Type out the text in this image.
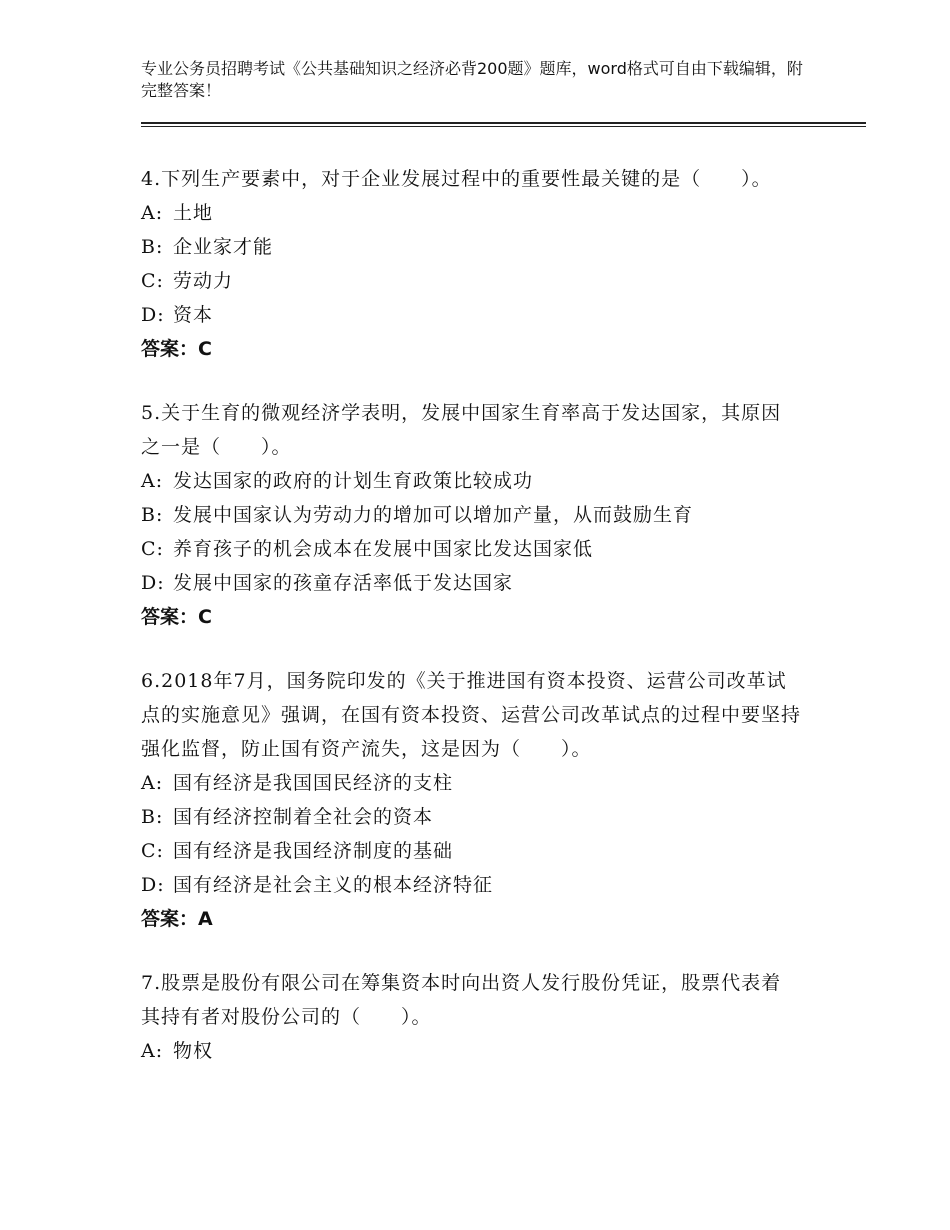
专业公务员招聘考试《公共基础知识之经济必背200题》题库，word格式可自由下载编辑，附完整答案！
4.下列生产要素中，对于企业发展过程中的重要性最关键的是（　　）。
A: 土地
B: 企业家才能
C: 劳动力
D: 资本
答案：C
5.关于生育的微观经济学表明，发展中国家生育率高于发达国家，其原因之一是（　　）。
A: 发达国家的政府的计划生育政策比较成功
B: 发展中国家认为劳动力的增加可以增加产量，从而鼓励生育
C: 养育孩子的机会成本在发展中国家比发达国家低
D: 发展中国家的孩童存活率低于发达国家
答案：C
6.2018年7月，国务院印发的《关于推进国有资本投资、运营公司改革试点的实施意见》强调，在国有资本投资、运营公司改革试点的过程中要坚持强化监督，防止国有资产流失，这是因为（　　）。
A: 国有经济是我国国民经济的支柱
B: 国有经济控制着全社会的资本
C: 国有经济是我国经济制度的基础
D: 国有经济是社会主义的根本经济特征
答案：A
7.股票是股份有限公司在筹集资本时向出资人发行股份凭证，股票代表着其持有者对股份公司的（　　）。
A: 物权
